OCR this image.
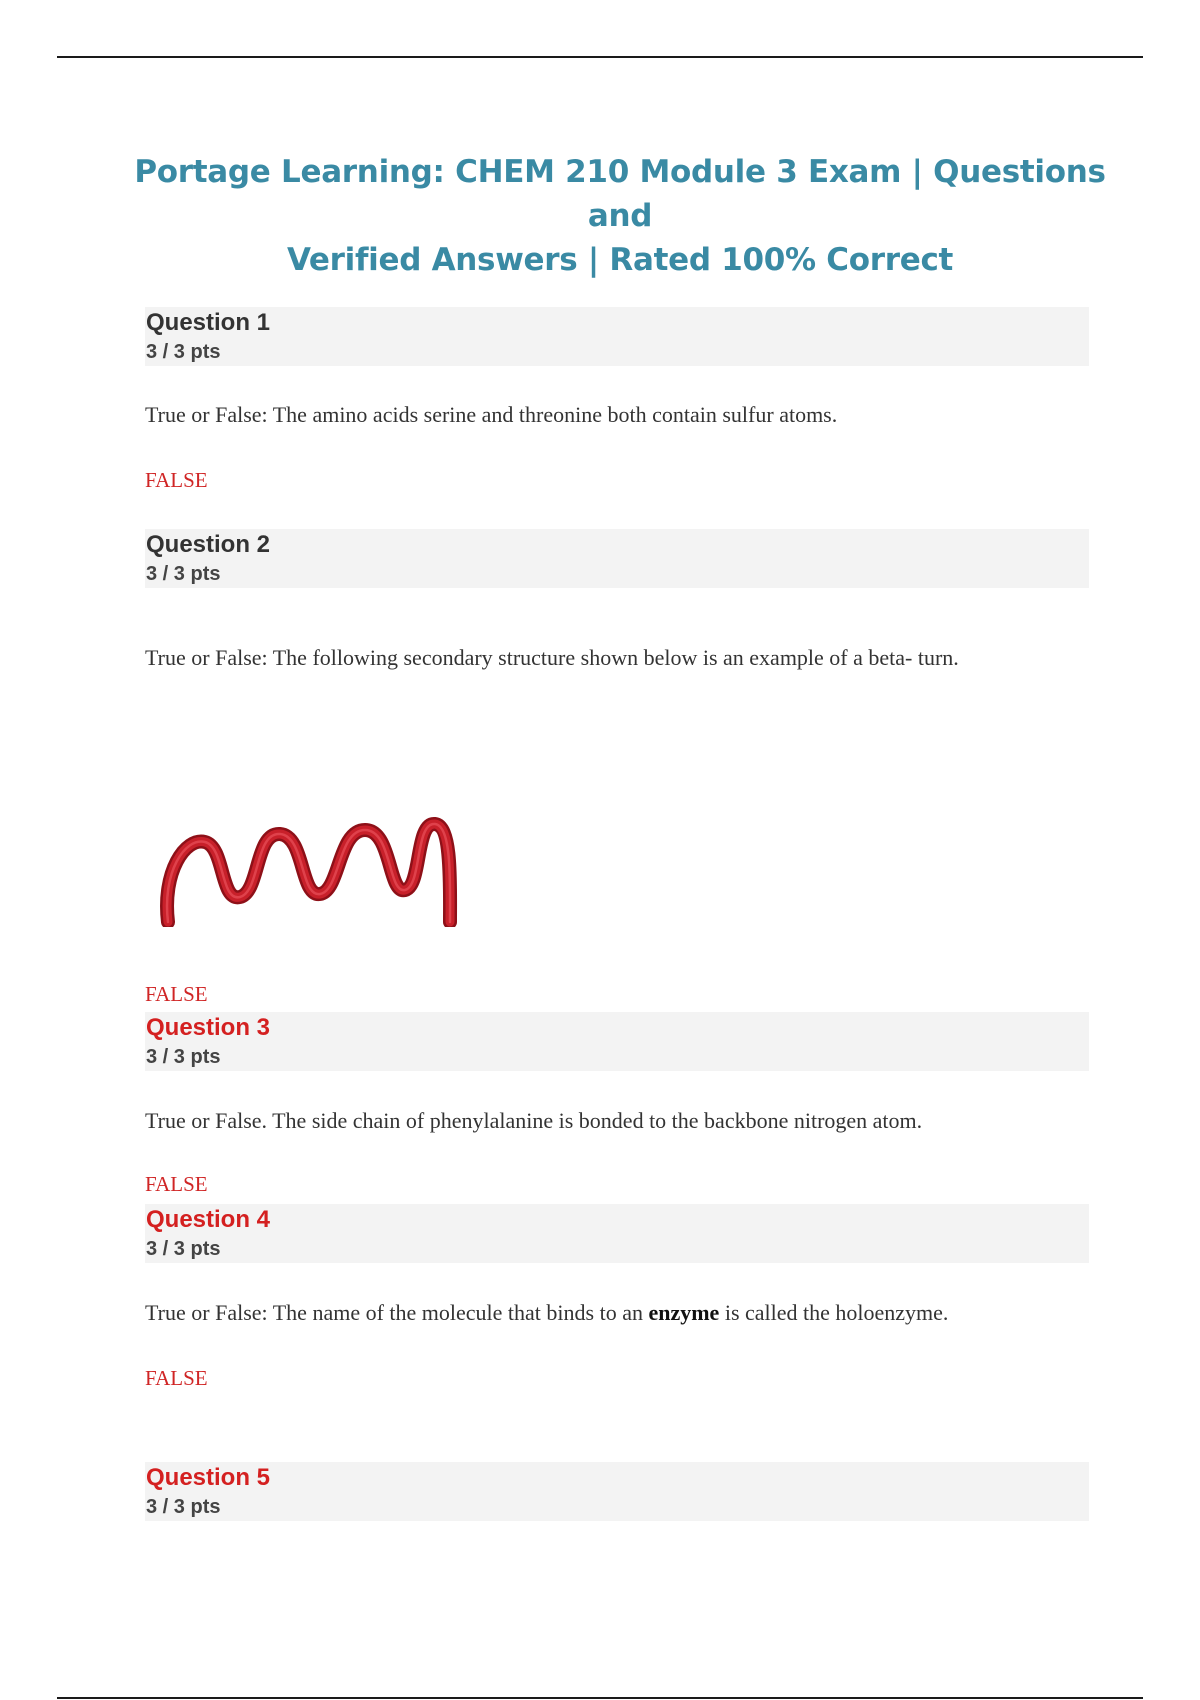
Portage Learning: CHEM 210 Module 3 Exam | Questions and
Verified Answers | Rated 100% Correct
Question 1
3 / 3 pts
True or False: The amino acids serine and threonine both contain sulfur atoms.
FALSE
Question 2
3 / 3 pts
True or False: The following secondary structure shown below is an example of a beta- turn.
FALSE
Question 3
3 / 3 pts
True or False. The side chain of phenylalanine is bonded to the backbone nitrogen atom.
FALSE
Question 4
3 / 3 pts
True or False: The name of the molecule that binds to an enzyme is called the holoenzyme.
FALSE
Question 5
3 / 3 pts
